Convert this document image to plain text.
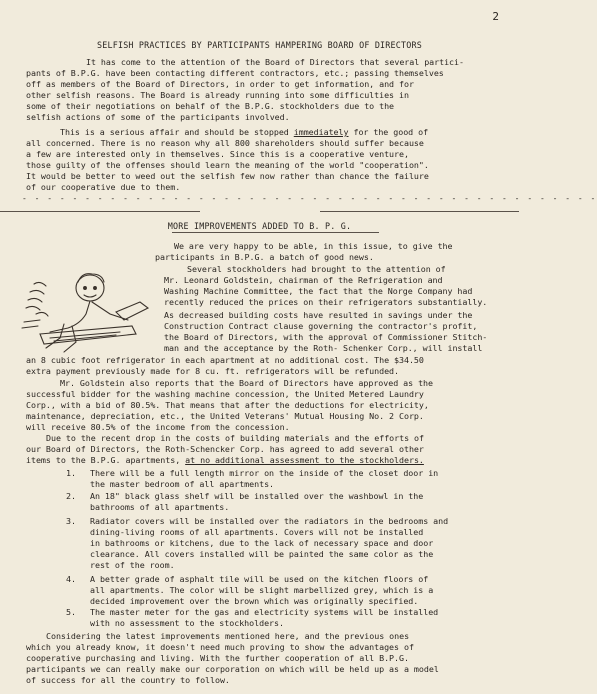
2
SELFISH PRACTICES BY PARTICIPANTS HAMPERING BOARD OF DIRECTORS
It has come to the attention of the Board of Directors that several partici-
pants of B.P.G. have been contacting different contractors, etc.; passing themselves
off as members of the Board of Directors, in order to get information, and for
other selfish reasons. The Board is already running into some difficulties in
some of their negotiations on behalf of the B.P.G. stockholders due to the
selfish actions of some of the participants involved.
This is a serious affair and should be stopped immediately for the good of
all concerned. There is no reason why all 800 shareholders should suffer because
a few are interested only in themselves. Since this is a cooperative venture,
those guilty of the offenses should learn the meaning of the world "cooperation".
It would be better to weed out the selfish few now rather than chance the failure
of our cooperative due to them.
- - - - - - - - - - - - - - - - - - - - - - - - - - - - - - - - - - - - - - - - - - - - - -
MORE IMPROVEMENTS ADDED TO B. P. G.
We are very happy to be able, in this issue, to give the
participants in B.P.G. a batch of good news.
Several stockholders had brought to the attention of
Mr. Leonard Goldstein, chairman of the Refrigeration and
Washing Machine Committee, the fact that the Norge Company had
recently reduced the prices on their refrigerators substantially.
As decreased building costs have resulted in savings under the
Construction Contract clause governing the contractor's profit,
the Board of Directors, with the approval of Commissioner Stitch-
man and the acceptance by the Roth- Schenker Corp., will install
an 8 cubic foot refrigerator in each apartment at no additional cost. The $34.50
extra payment previously made for 8 cu. ft. refrigerators will be refunded.
Mr. Goldstein also reports that the Board of Directors have approved as the
successful bidder for the washing machine concession, the United Metered Laundry
Corp., with a bid of 80.5%. That means that after the deductions for electricity,
maintenance, depreciation, etc., the United Veterans' Mutual Housing No. 2 Corp.
will receive 80.5% of the income from the concession.
Due to the recent drop in the costs of building materials and the efforts of
our Board of Directors, the Roth-Schencker Corp. has agreed to add several other
items to the B.P.G. apartments, at no additional assessment to the stockholders.
1. There will be a full length mirror on the inside of the closet door in
the master bedroom of all apartments.
2. An 18" black glass shelf will be installed over the washbowl in the
bathrooms of all apartments.
3. Radiator covers will be installed over the radiators in the bedrooms and
dining-living rooms of all apartments. Covers will not be installed
in bathrooms or kitchens, due to the lack of necessary space and door
clearance. All covers installed will be painted the same color as the
rest of the room.
4. A better grade of asphalt tile will be used on the kitchen floors of
all apartments. The color will be slight marbellized grey, which is a
decided improvement over the brown which was originally specified.
5. The master meter for the gas and electricity systems will be installed
with no assessment to the stockholders.
Considering the latest improvements mentioned here, and the previous ones
which you already know, it doesn't need much proving to show the advantages of
cooperative purchasing and living. With the further cooperation of all B.P.G.
participants we can really make our corporation on which will be held up as a model
of success for all the country to follow.
